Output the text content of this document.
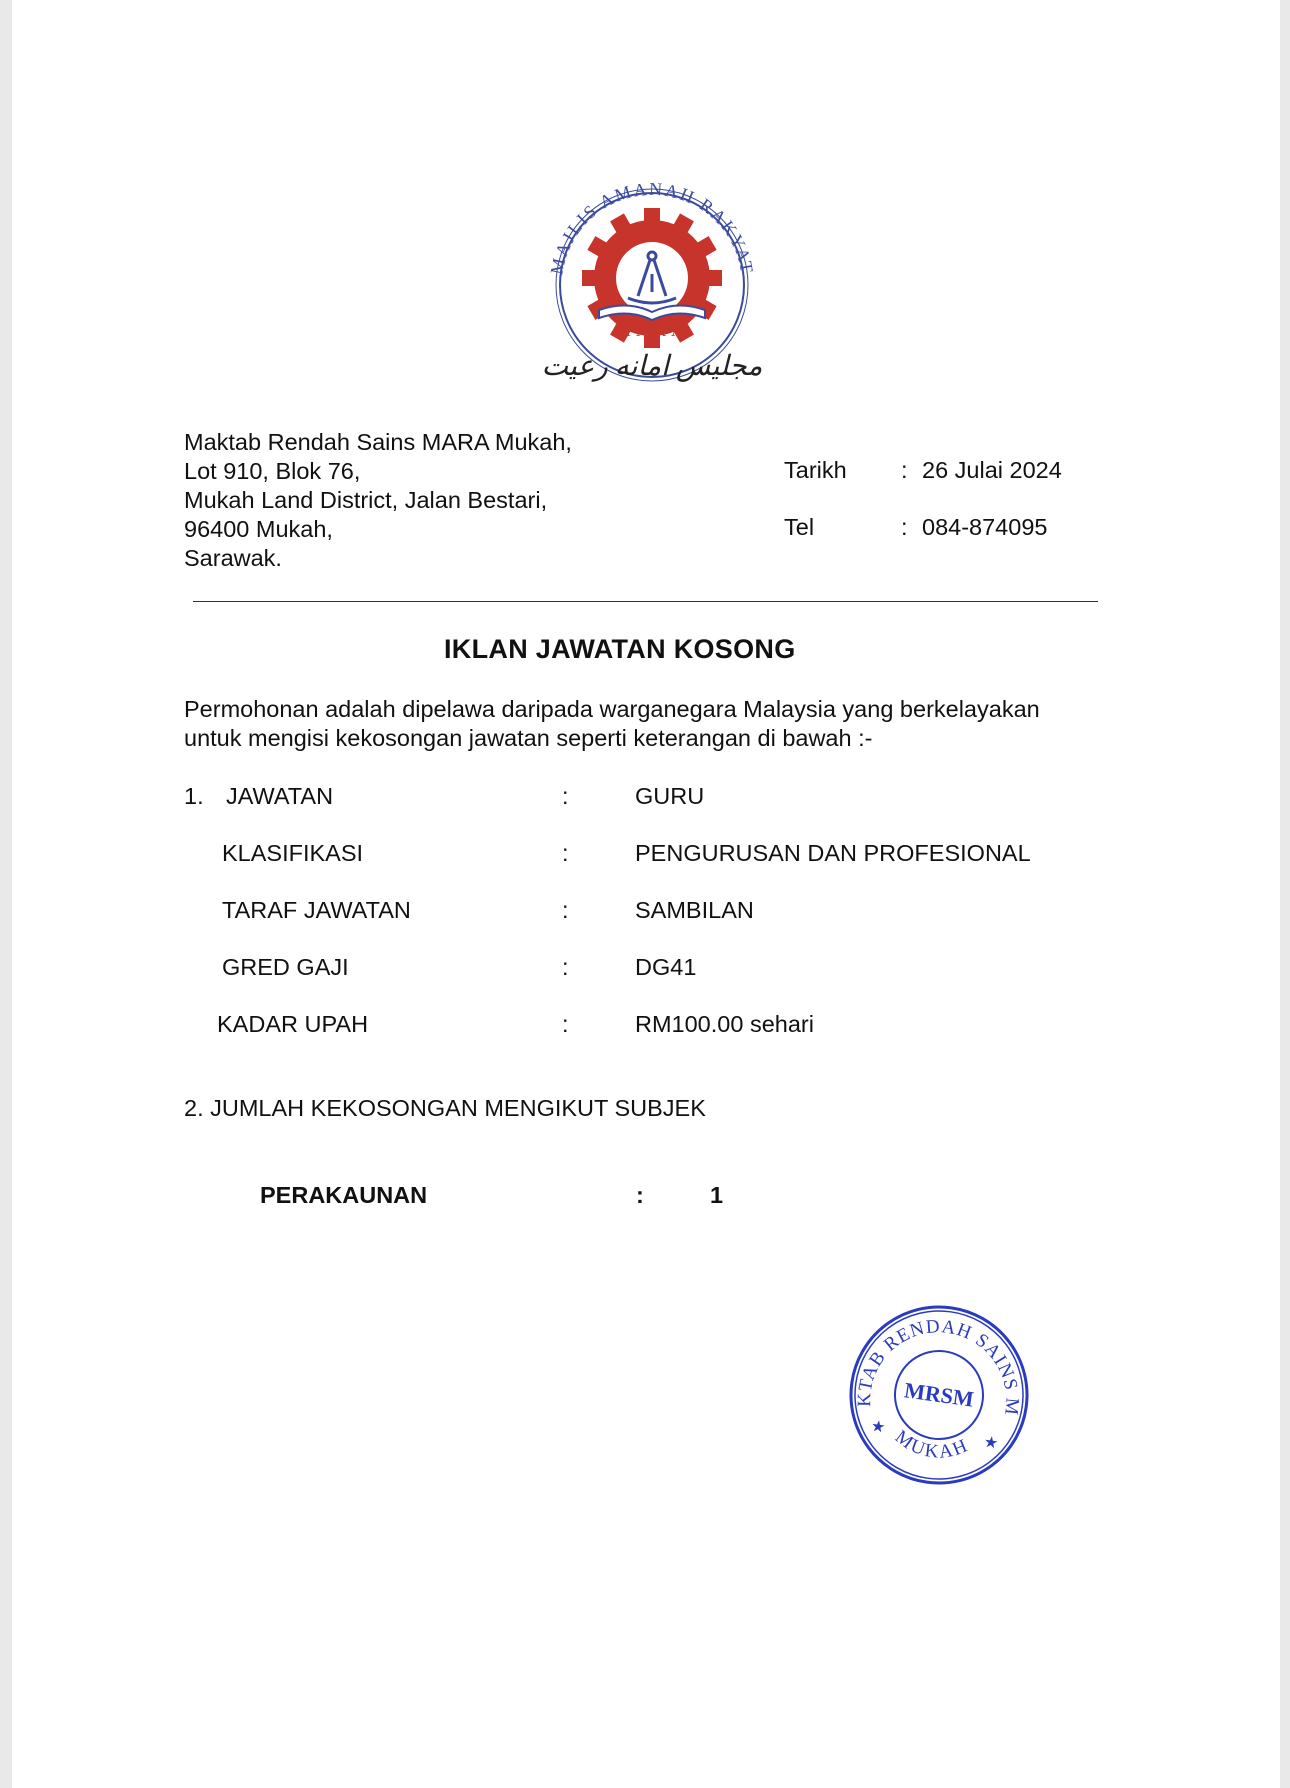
MAJLIS AMANAH RAKYAT
MARA
مجليس امانه رعيت
Maktab Rendah Sains MARA Mukah,
Lot 910, Blok 76,
Mukah Land District, Jalan Bestari,
96400 Mukah,
Sarawak.
Tarikh : 26 Julai 2024
Tel	: 084-874095
IKLAN JAWATAN KOSONG
Permohonan adalah dipelawa daripada warganegara Malaysia yang berkelayakan
untuk mengisi kekosongan jawatan seperti keterangan di bawah :-
1. JAWATAN	:	GURU
KLASIFIKASI	:	PENGURUSAN DAN PROFESIONAL
TARAF JAWATAN	:	SAMBILAN
GRED GAJI	:	DG41
KADAR UPAH	:	RM100.00 sehari
2. JUMLAH KEKOSONGAN MENGIKUT SUBJEK
PERAKAUNAN	:	1
MAKTAB RENDAH SAINS MARA
MUKAH
★
★
MRSM
